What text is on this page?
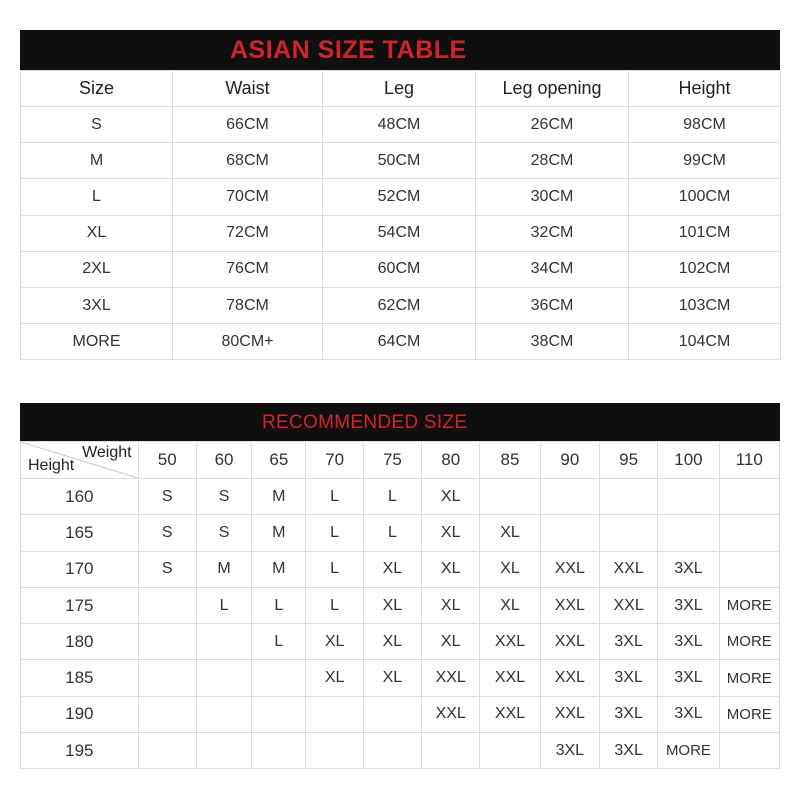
ASIAN SIZE TABLE
Size	Waist	Leg	Leg opening	Height
S	66CM	48CM	26CM	98CM
M	68CM	50CM	28CM	99CM
L	70CM	52CM	30CM	100CM
XL	72CM	54CM	32CM	101CM
2XL	76CM	60CM	34CM	102CM
3XL	78CM	62CM	36CM	103CM
MORE	80CM+	64CM	38CM	104CM
RECOMMENDED SIZE
Weight
Height	50	60	65	70	75	80	85	90	95	100	110
160	S	S	M	L	L	XL					
165	S	S	M	L	L	XL	XL				
170	S	M	M	L	XL	XL	XL	XXL	XXL	3XL	
175		L	L	L	XL	XL	XL	XXL	XXL	3XL	MORE
180			L	XL	XL	XL	XXL	XXL	3XL	3XL	MORE
185				XL	XL	XXL	XXL	XXL	3XL	3XL	MORE
190						XXL	XXL	XXL	3XL	3XL	MORE
195								3XL	3XL	MORE	
